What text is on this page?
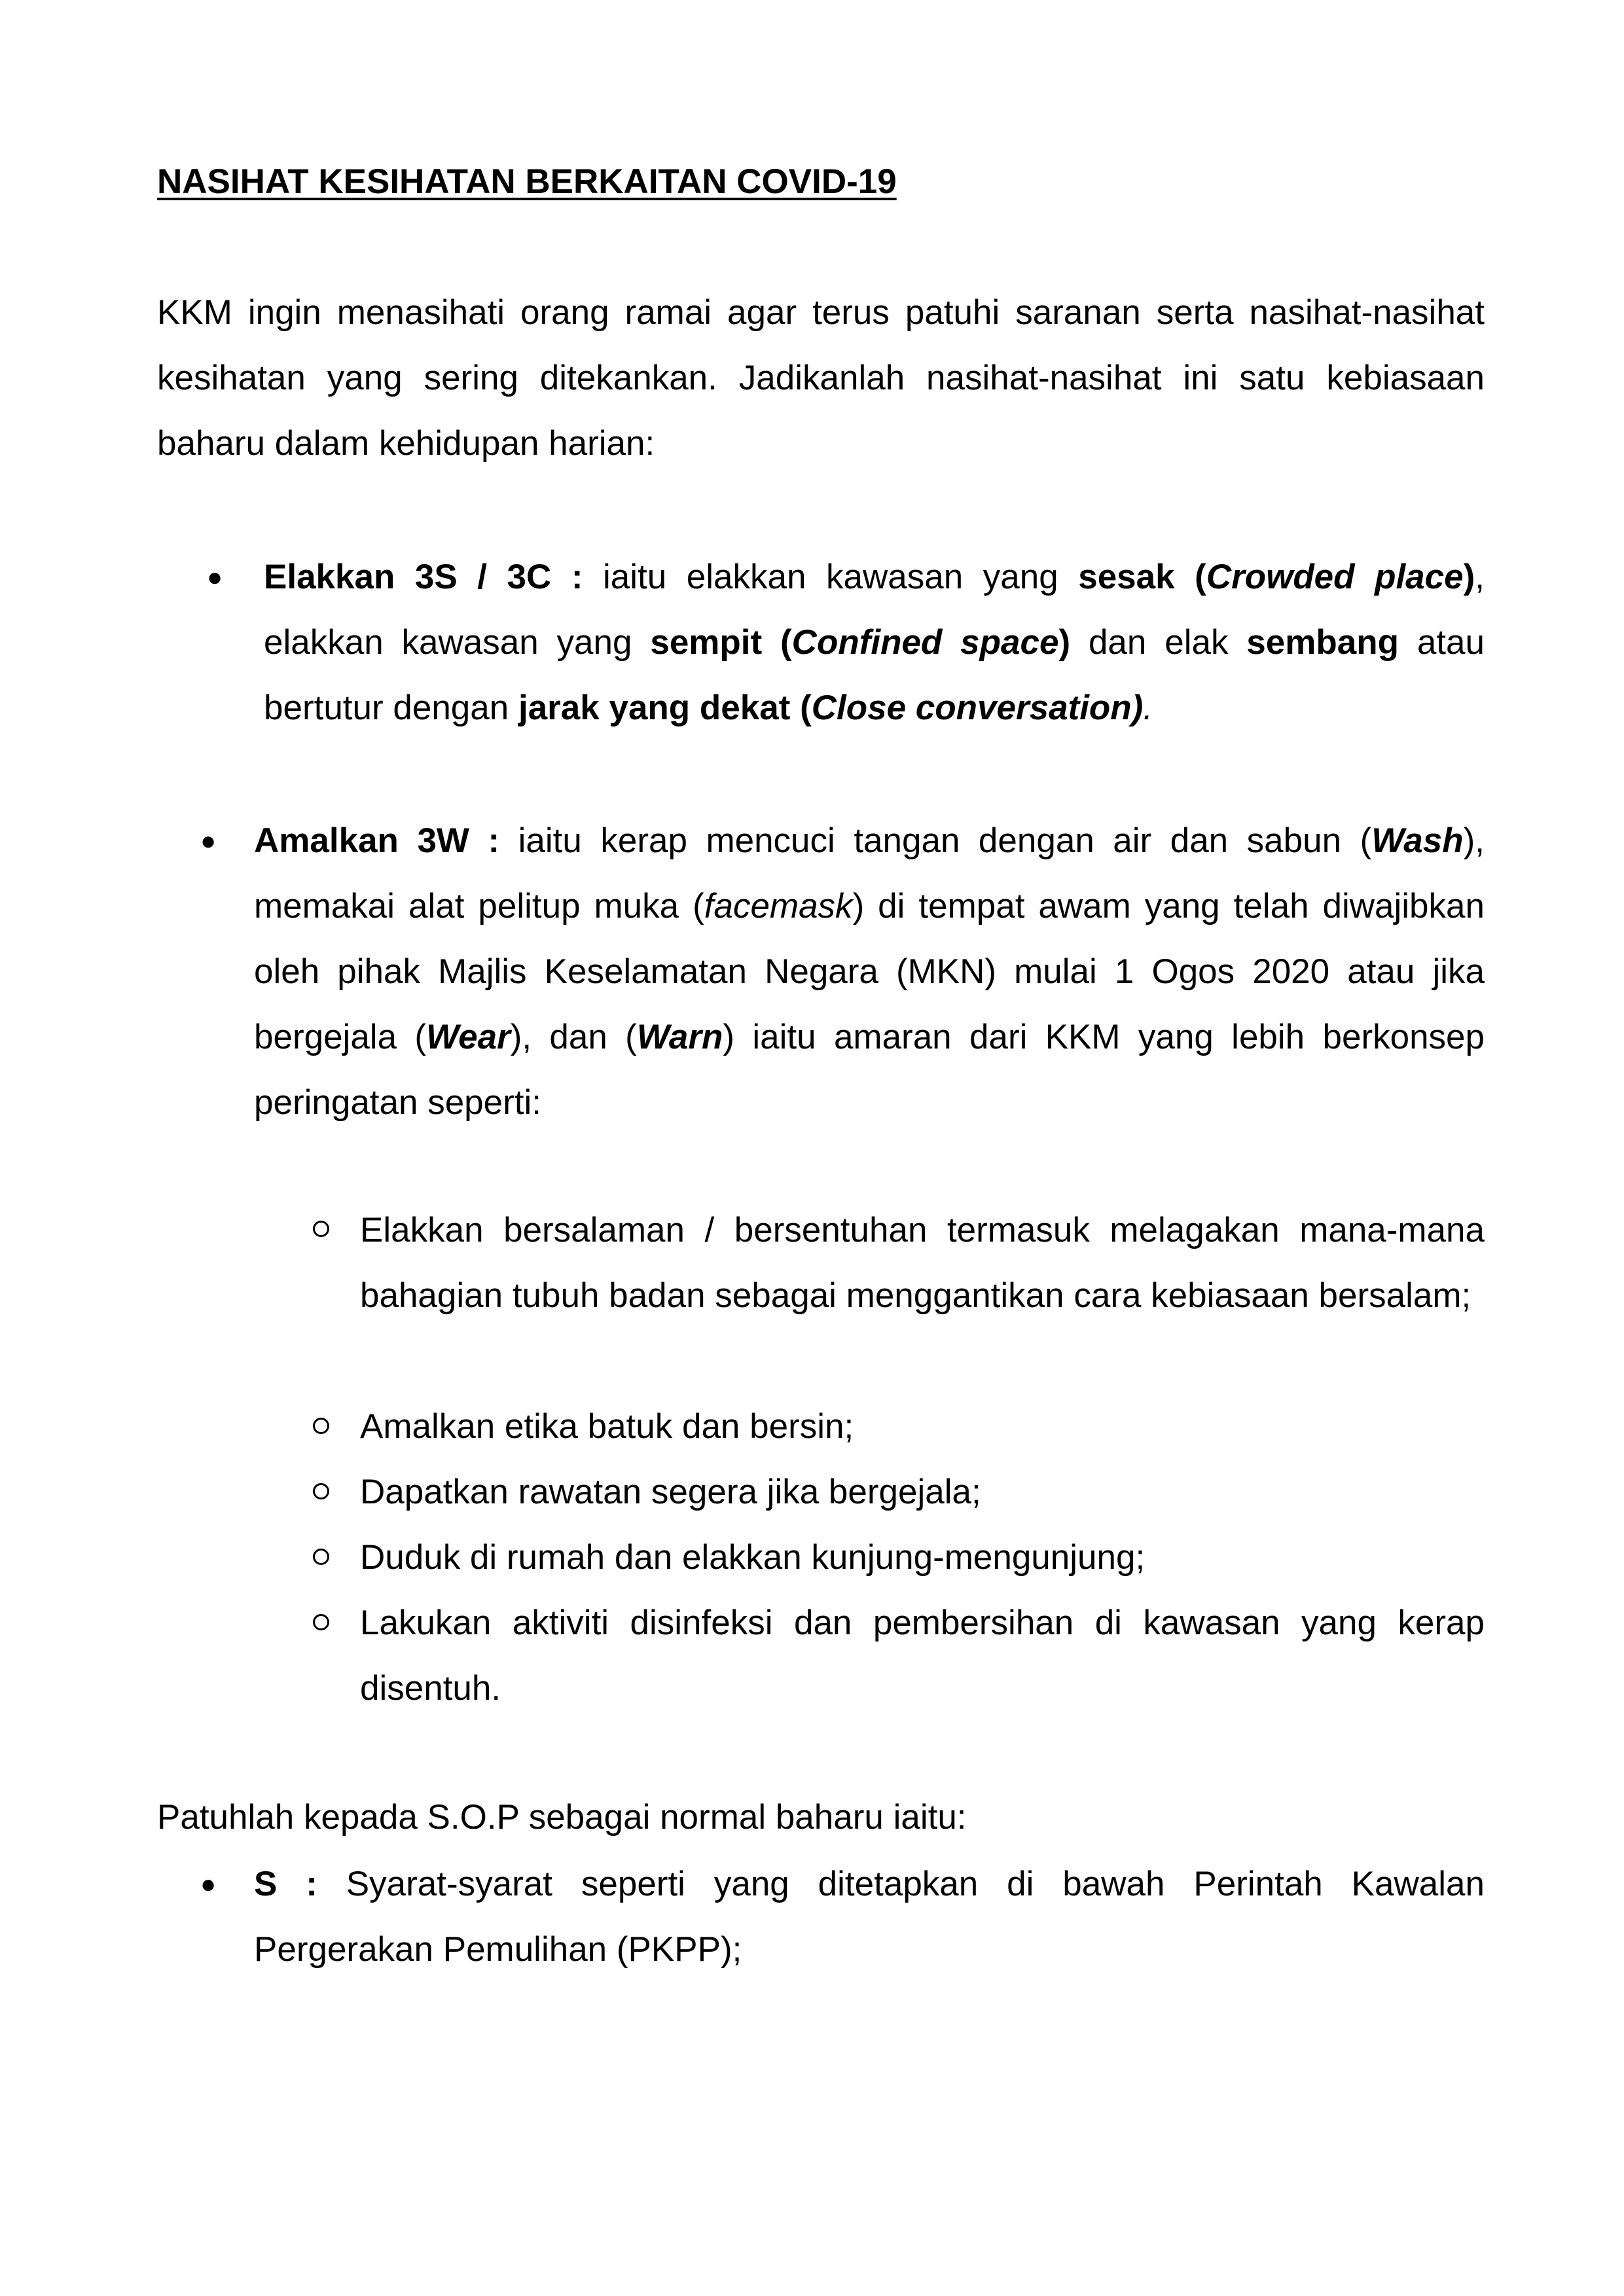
NASIHAT KESIHATAN BERKAITAN COVID-19

KKM ingin menasihati orang ramai agar terus patuhi saranan serta nasihat-nasihat kesihatan yang sering ditekankan. Jadikanlah nasihat-nasihat ini satu kebiasaan baharu dalam kehidupan harian:

● Elakkan 3S / 3C : iaitu elakkan kawasan yang sesak (Crowded place), elakkan kawasan yang sempit (Confined space) dan elak sembang atau bertutur dengan jarak yang dekat (Close conversation).

● Amalkan 3W : iaitu kerap mencuci tangan dengan air dan sabun (Wash), memakai alat pelitup muka (facemask) di tempat awam yang telah diwajibkan oleh pihak Majlis Keselamatan Negara (MKN) mulai 1 Ogos 2020 atau jika bergejala (Wear), dan (Warn) iaitu amaran dari KKM yang lebih berkonsep peringatan seperti:

Elakkan bersalaman / bersentuhan termasuk melagakan mana-mana bahagian tubuh badan sebagai menggantikan cara kebiasaan bersalam;

Amalkan etika batuk dan bersin;

Dapatkan rawatan segera jika bergejala;

Duduk di rumah dan elakkan kunjung-mengunjung;

Lakukan aktiviti disinfeksi dan pembersihan di kawasan yang kerap disentuh.

Patuhlah kepada S.O.P sebagai normal baharu iaitu:

● S : Syarat-syarat seperti yang ditetapkan di bawah Perintah Kawalan Pergerakan Pemulihan (PKPP);
